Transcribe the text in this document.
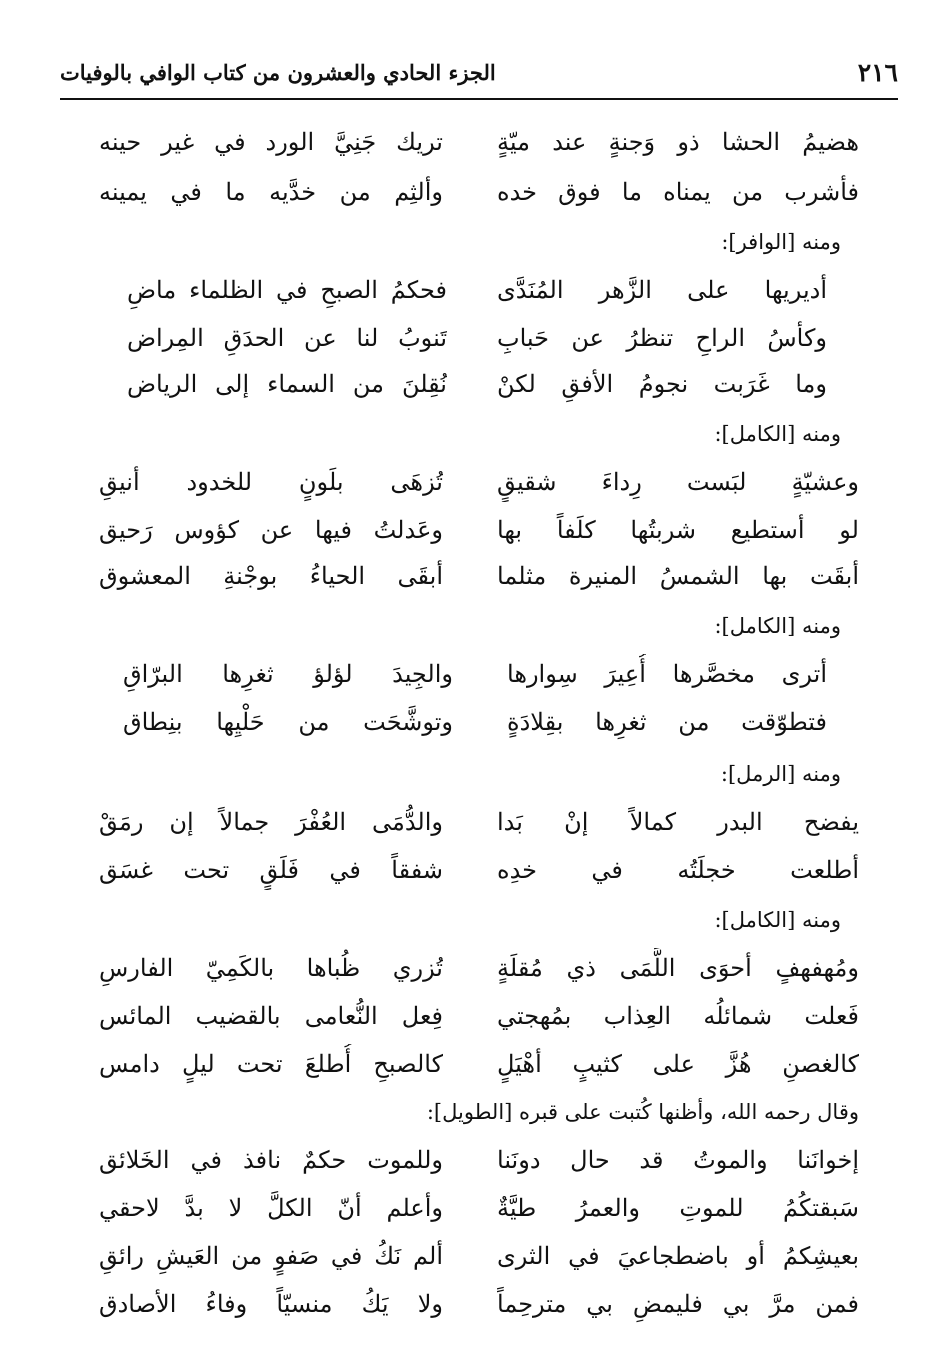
٢١٦
الجزء الحادي والعشرون من كتاب الوافي بالوفيات
هضيمُ الحشا ذو وَجنةٍ عند ميّةٍ
تريك جَنِيَّ الورد في غير حينه
فأشرب من يمناه ما فوق خده
وألثِم من خدَّيه ما في يمينه
ومنه [الوافر]:
أديريها على الزَّهر المُنَدَّى
فحكمُ الصبحِ في الظلماء ماضِ
وكأسُ الراحِ تنظرُ عن حَبابِ
تَنوبُ لنا عن الحدَقِ المِراض
وما غَرَبت نجومُ الأفقِ لكنْ
نُقِلنَ من السماء إلى الرياض
ومنه [الكامل]:
وعشيّةٍ لبَست رِداءَ شقيقٍ
تُزهَى بلَونٍ للخدود أنيقِ
لو أستطيع شربتُها كلَفاً بها
وعَدلتُ فيها عن كؤوس رَحيق
أبقَت بها الشمسُ المنيرة مثلما
أبقَى الحياءُ بوجْنةِ المعشوق
ومنه [الكامل]:
أترى مخصَّرها أُعِيرَ سِوارها
والجِيدَ لؤلؤ ثغرِها البرّاقِ
فتطوّقت من ثغرِها بقِلادَةٍ
وتوشَّحَت من حَلْيِها بنِطاق
ومنه [الرمل]:
يفضح البدر كمالاً إنْ بَدا
والدُّمَى العُفْرَ جمالاً إن رمَقْ
أطلعت خجلَتُه في خدِه
شفقاً في فَلَقٍ تحت غسَق
ومنه [الكامل]:
ومُهفهفٍ أحوَى اللَّمَى ذي مُقلَةٍ
تُزري ظُباها بالكَمِيّ الفارسِ
فَعلت شمائلُه العِذاب بمُهجتي
فِعل النُّعامى بالقضيب المائس
كالغصنِ هُزَّ على كثيبٍ أهْيَلٍ
كالصبحِ أُطلعَ تحت ليلٍ دامس
وقال رحمه الله، وأظنها كُتبت على قبره [الطويل]:
إخوانَنا والموتُ قد حال دونَنا
وللموت حكمٌ نافذ في الخَلائق
سَبقتكُمُ للموتِ والعمرُ طيَّةٌ
وأعلم أنّ الكلَّ لا بدَّ لاحقي
بعيشِكمُ أو باضطجاعيَ في الثرى
ألم نَكُ في صَفوٍ من العَيشِ رائقِ
فمن مرَّ بي فليمضِ بي مترحِماً
ولا يَكُ منسيّاً وفاءُ الأصادق
